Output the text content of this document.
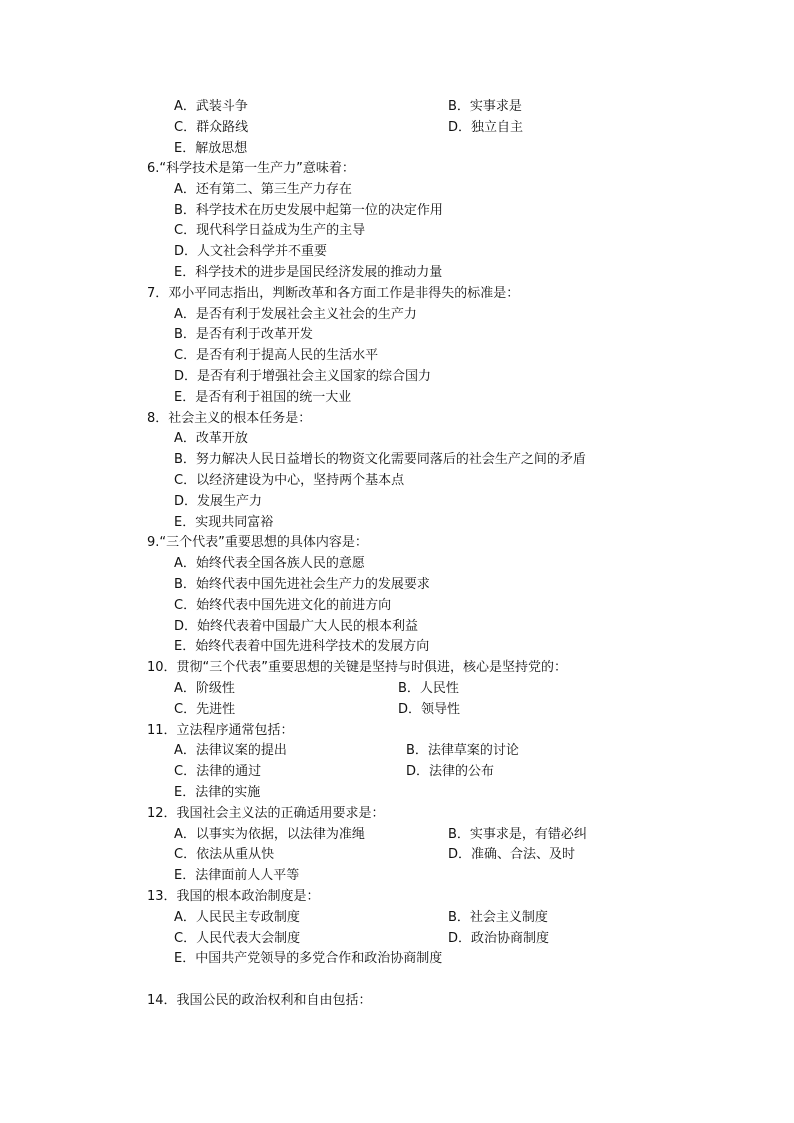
A．武装斗争	B．实事求是
C．群众路线	D．独立自主
E．解放思想
6.“科学技术是第一生产力”意味着：
A．还有第二、第三生产力存在
B．科学技术在历史发展中起第一位的决定作用
C．现代科学日益成为生产的主导
D．人文社会科学并不重要
E．科学技术的进步是国民经济发展的推动力量
7．邓小平同志指出，判断改革和各方面工作是非得失的标准是：
A．是否有利于发展社会主义社会的生产力
B．是否有利于改革开发
C．是否有利于提高人民的生活水平
D．是否有利于增强社会主义国家的综合国力
E．是否有利于祖国的统一大业
8．社会主义的根本任务是：
A．改革开放
B．努力解决人民日益增长的物资文化需要同落后的社会生产之间的矛盾
C．以经济建设为中心，坚持两个基本点
D．发展生产力
E．实现共同富裕
9.“三个代表”重要思想的具体内容是：
A．始终代表全国各族人民的意愿
B．始终代表中国先进社会生产力的发展要求
C．始终代表中国先进文化的前进方向
D．始终代表着中国最广大人民的根本利益
E．始终代表着中国先进科学技术的发展方向
10．贯彻“三个代表”重要思想的关键是坚持与时俱进，核心是坚持党的：
A．阶级性	B．人民性
C．先进性	D．领导性
11．立法程序通常包括：
A．法律议案的提出	B．法律草案的讨论
C．法律的通过	D．法律的公布
E．法律的实施
12．我国社会主义法的正确适用要求是：
A．以事实为依据，以法律为准绳	B．实事求是，有错必纠
C．依法从重从快	D．准确、合法、及时
E．法律面前人人平等
13．我国的根本政治制度是：
A．人民民主专政制度	B．社会主义制度
C．人民代表大会制度	D．政治协商制度
E．中国共产党领导的多党合作和政治协商制度
14．我国公民的政治权利和自由包括：
